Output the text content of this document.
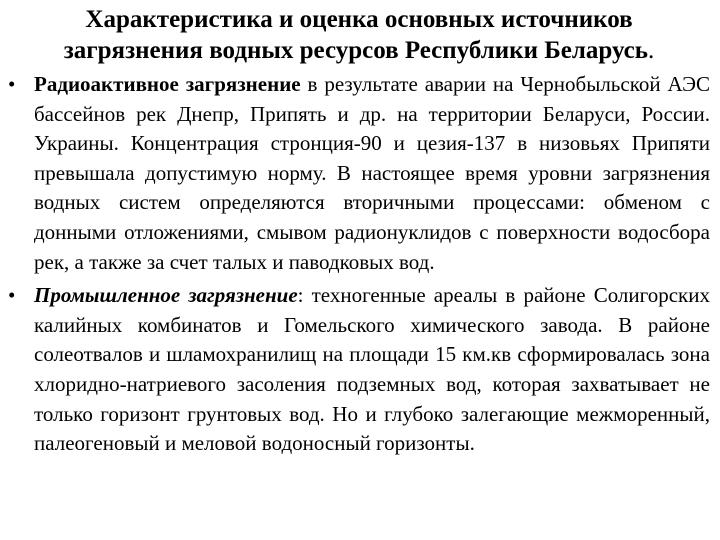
Характеристика и оценка основных источников
загрязнения водных ресурсов Республики Беларусь.
• Радиоактивное загрязнение в результате аварии на Чернобыльской АЭС бассейнов рек Днепр, Припять и др. на территории Беларуси, России. Украины. Концентрация стронция-90 и цезия-137 в низовьях Припяти превышала допустимую норму. В настоящее время уровни загрязнения водных систем определяются вторичными процессами: обменом с донными отложениями, смывом радионуклидов с поверхности водосбора рек, а также за счет талых и паводковых вод.
• Промышленное загрязнение: техногенные ареалы в районе Солигорских калийных комбинатов и Гомельского химического завода. В районе солеотвалов и шламохранилищ на площади 15 км.кв сформировалась зона хлоридно-натриевого засоления подземных вод, которая захватывает не только горизонт грунтовых вод. Но и глубоко залегающие межморенный, палеогеновый и меловой водоносный горизонты.
